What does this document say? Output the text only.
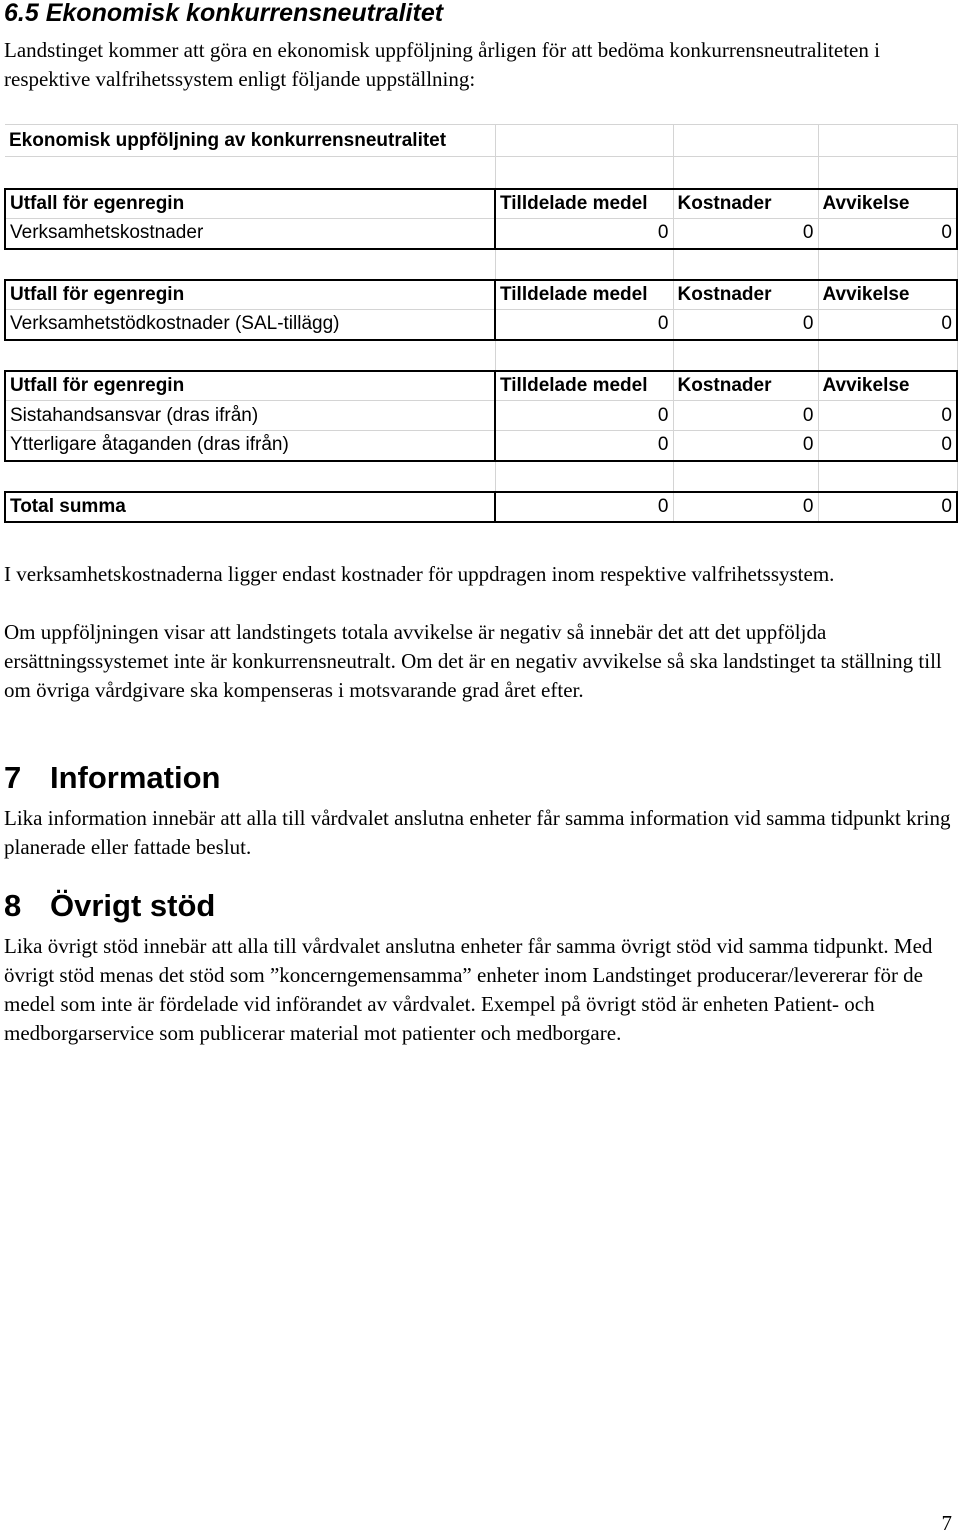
6.5 Ekonomisk konkurrensneutralitet

Landstinget kommer att göra en ekonomisk uppföljning årligen för att bedöma konkurrensneutraliteten i respektive valfrihetssystem enligt följande uppställning:

Ekonomisk uppföljning av konkurrensneutralitet			

Utfall för egenregin	Tilldelade medel	Kostnader	Avvikelse
Verksamhetskostnader	0	0	0

Utfall för egenregin	Tilldelade medel	Kostnader	Avvikelse
Verksamhetstödkostnader (SAL-tillägg)	0	0	0

Utfall för egenregin	Tilldelade medel	Kostnader	Avvikelse
Sistahandsansvar (dras ifrån)	0	0	0
Ytterligare åtaganden (dras ifrån)	0	0	0

Total summa	0	0	0

I verksamhetskostnaderna ligger endast kostnader för uppdragen inom respektive valfrihetssystem.

Om uppföljningen visar att landstingets totala avvikelse är negativ så innebär det att det uppföljda ersättningssystemet inte är konkurrensneutralt. Om det är en negativ avvikelse så ska landstinget ta ställning till om övriga vårdgivare ska kompenseras i motsvarande grad året efter.

7 Information

Lika information innebär att alla till vårdvalet anslutna enheter får samma information vid samma tidpunkt kring planerade eller fattade beslut.

8 Övrigt stöd

Lika övrigt stöd innebär att alla till vårdvalet anslutna enheter får samma övrigt stöd vid samma tidpunkt. Med övrigt stöd menas det stöd som ”koncerngemensamma” enheter inom Landstinget producerar/levererar för de medel som inte är fördelade vid införandet av vårdvalet. Exempel på övrigt stöd är enheten Patient- och medborgarservice som publicerar material mot patienter och medborgare.

7
